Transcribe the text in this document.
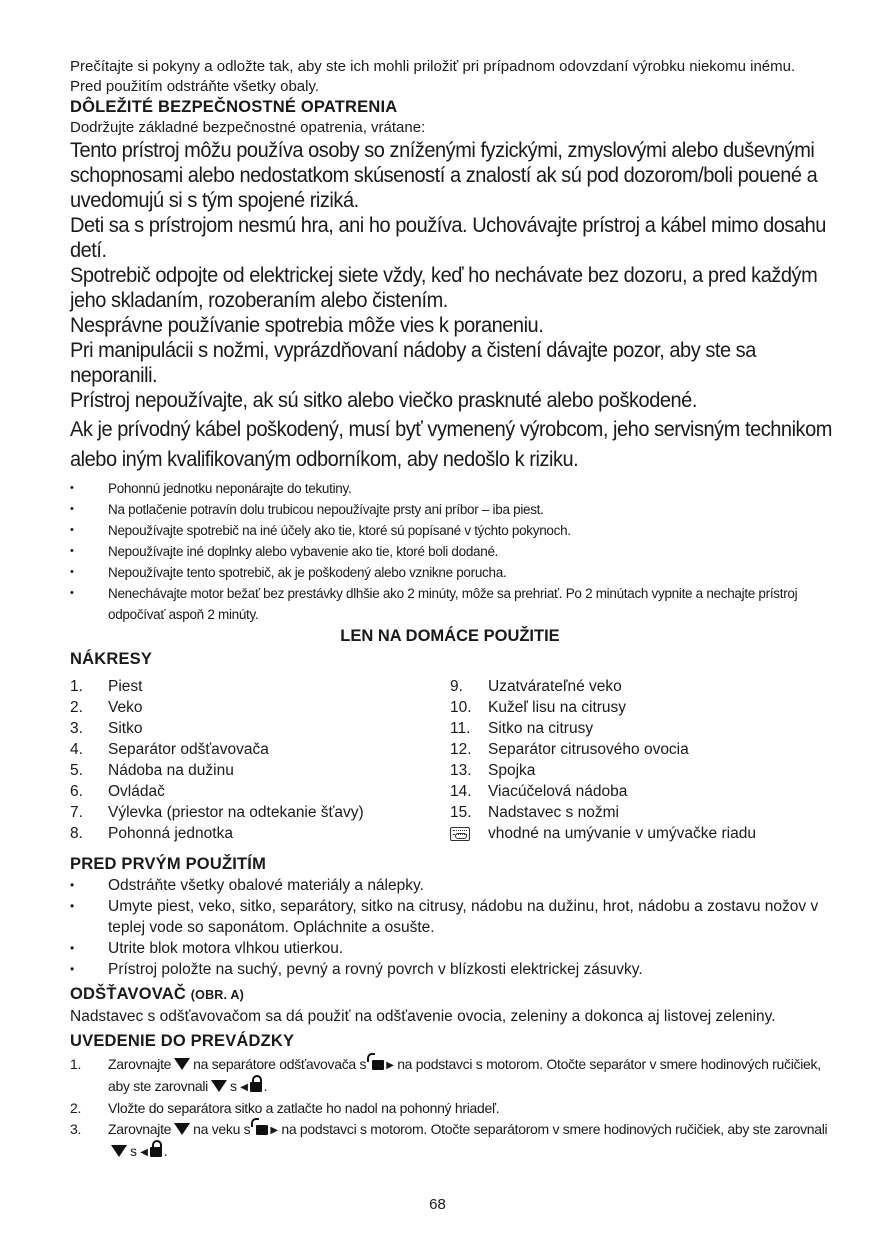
Prečítajte si pokyny a odložte tak, aby ste ich mohli priložiť pri prípadnom odovzdaní výrobku niekomu inému. Pred použitím odstráňte všetky obaly.

DÔLEŽITÉ BEZPEČNOSTNÉ OPATRENIA

Dodržujte základné bezpečnostné opatrenia, vrátane:

Tento prístroj môžu používa osoby so zníženými fyzickými, zmyslovými alebo duševnými schopnosami alebo nedostatkom skúseností a znalostí ak sú pod dozorom/boli pouené a uvedomujú si s tým spojené riziká.

Deti sa s prístrojom nesmú hra, ani ho používa. Uchovávajte prístroj a kábel mimo dosahu detí.

Spotrebič odpojte od elektrickej siete vždy, keď ho nechávate bez dozoru, a pred každým jeho skladaním, rozoberaním alebo čistením.

Nesprávne používanie spotrebia môže vies k poraneniu.

Pri manipulácii s nožmi, vyprázdňovaní nádoby a čistení dávajte pozor, aby ste sa neporanili.

Prístroj nepoužívajte, ak sú sitko alebo viečko prasknuté alebo poškodené.

Ak je prívodný kábel poškodený, musí byť vymenený výrobcom, jeho servisným technikom alebo iným kvalifikovaným odborníkom, aby nedošlo k riziku.

•	Pohonnú jednotku neponárajte do tekutiny.
•	Na potlačenie potravín dolu trubicou nepoužívajte prsty ani príbor – iba piest.
•	Nepoužívajte spotrebič na iné účely ako tie, ktoré sú popísané v týchto pokynoch.
•	Nepoužívajte iné doplnky alebo vybavenie ako tie, ktoré boli dodané.
•	Nepoužívajte tento spotrebič, ak je poškodený alebo vznikne porucha.
•	Nenechávajte motor bežať bez prestávky dlhšie ako 2 minúty, môže sa prehriať. Po 2 minútach vypnite a nechajte prístroj odpočívať aspoň 2 minúty.

LEN NA DOMÁCE POUŽITIE

NÁKRESY

1.	Piest
2.	Veko
3.	Sitko
4.	Separátor odšťavovača
5.	Nádoba na dužinu
6.	Ovládač
7.	Výlevka (priestor na odtekanie šťavy)
8.	Pohonná jednotka
9.	Uzatvárateľné veko
10.	Kužeľ lisu na citrusy
11.	Sitko na citrusy
12.	Separátor citrusového ovocia
13.	Spojka
14.	Viacúčelová nádoba
15.	Nadstavec s nožmi
vhodné na umývanie v umývačke riadu

PRED PRVÝM POUŽITÍM

• Odstráňte všetky obalové materiály a nálepky.
• Umyte piest, veko, sitko, separátory, sitko na citrusy, nádobu na dužinu, hrot, nádobu a zostavu nožov v teplej vode so saponátom. Opláchnite a osušte.
• Utrite blok motora vlhkou utierkou.
• Prístroj položte na suchý, pevný a rovný povrch v blízkosti elektrickej zásuvky.

ODŠŤAVOVAČ (OBR. A)

Nadstavec s odšťavovačom sa dá použiť na odšťavenie ovocia, zeleniny a dokonca aj listovej zeleniny.

UVEDENIE DO PREVÁDZKY

1. Zarovnajte na separátore odšťavovača s ▶ na podstavci s motorom. Otočte separátor v smere hodinových ručičiek, aby ste zarovnali s ◀ .
2. Vložte do separátora sitko a zatlačte ho nadol na pohonný hriadeľ.
3. Zarovnajte na veku s ▶ na podstavci s motorom. Otočte separátorom v smere hodinových ručičiek, aby ste zarovnalis ◀ .
68
